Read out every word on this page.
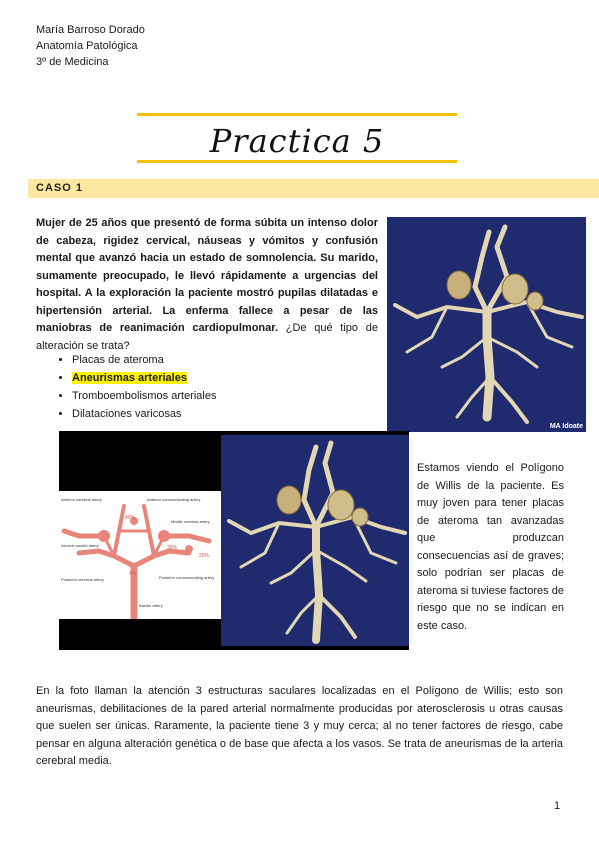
María Barroso Dorado
Anatomía Patológica
3º de Medicina
Practica 5
CASO 1
Mujer de 25 años que presentó de forma súbita un intenso dolor de cabeza, rigidez cervical, náuseas y vómitos y confusión mental que avanzó hacia un estado de somnolencia. Su marido, sumamente preocupado, le llevó rápidamente a urgencias del hospital. A la exploración la paciente mostró pupilas dilatadas e hipertensión arterial. La enferma fallece a pesar de las maniobras de reanimación cardiopulmonar. ¿De qué tipo de alteración se trata?
• Placas de ateroma
• Aneurismas arteriales
• Tromboembolismos arteriales
• Dilataciones varicosas
MA Idoate
Anterior cerebral artery	Anterior communicating artery
Middle cerebral artery
Internal carotid artery
Posterior communicating artery
Posterior cerebral artery
Basilar artery
40%
30%
20%
4%
Estamos viendo el Polígono de Willis de la paciente. Es muy joven para tener placas de ateroma tan avanzadas que produzcan consecuencias así de graves; solo podrían ser placas de ateroma si tuviese factores de riesgo que no se indican en este caso.
En la foto llaman la atención 3 estructuras saculares localizadas en el Polígono de Willis; esto son aneurismas, debilitaciones de la pared arterial normalmente producidas por aterosclerosis u otras causas que suelen ser únicas. Raramente, la paciente tiene 3 y muy cerca; al no tener factores de riesgo, cabe pensar en alguna alteración genética o de base que afecta a los vasos. Se trata de aneurismas de la arteria cerebral media.
1
